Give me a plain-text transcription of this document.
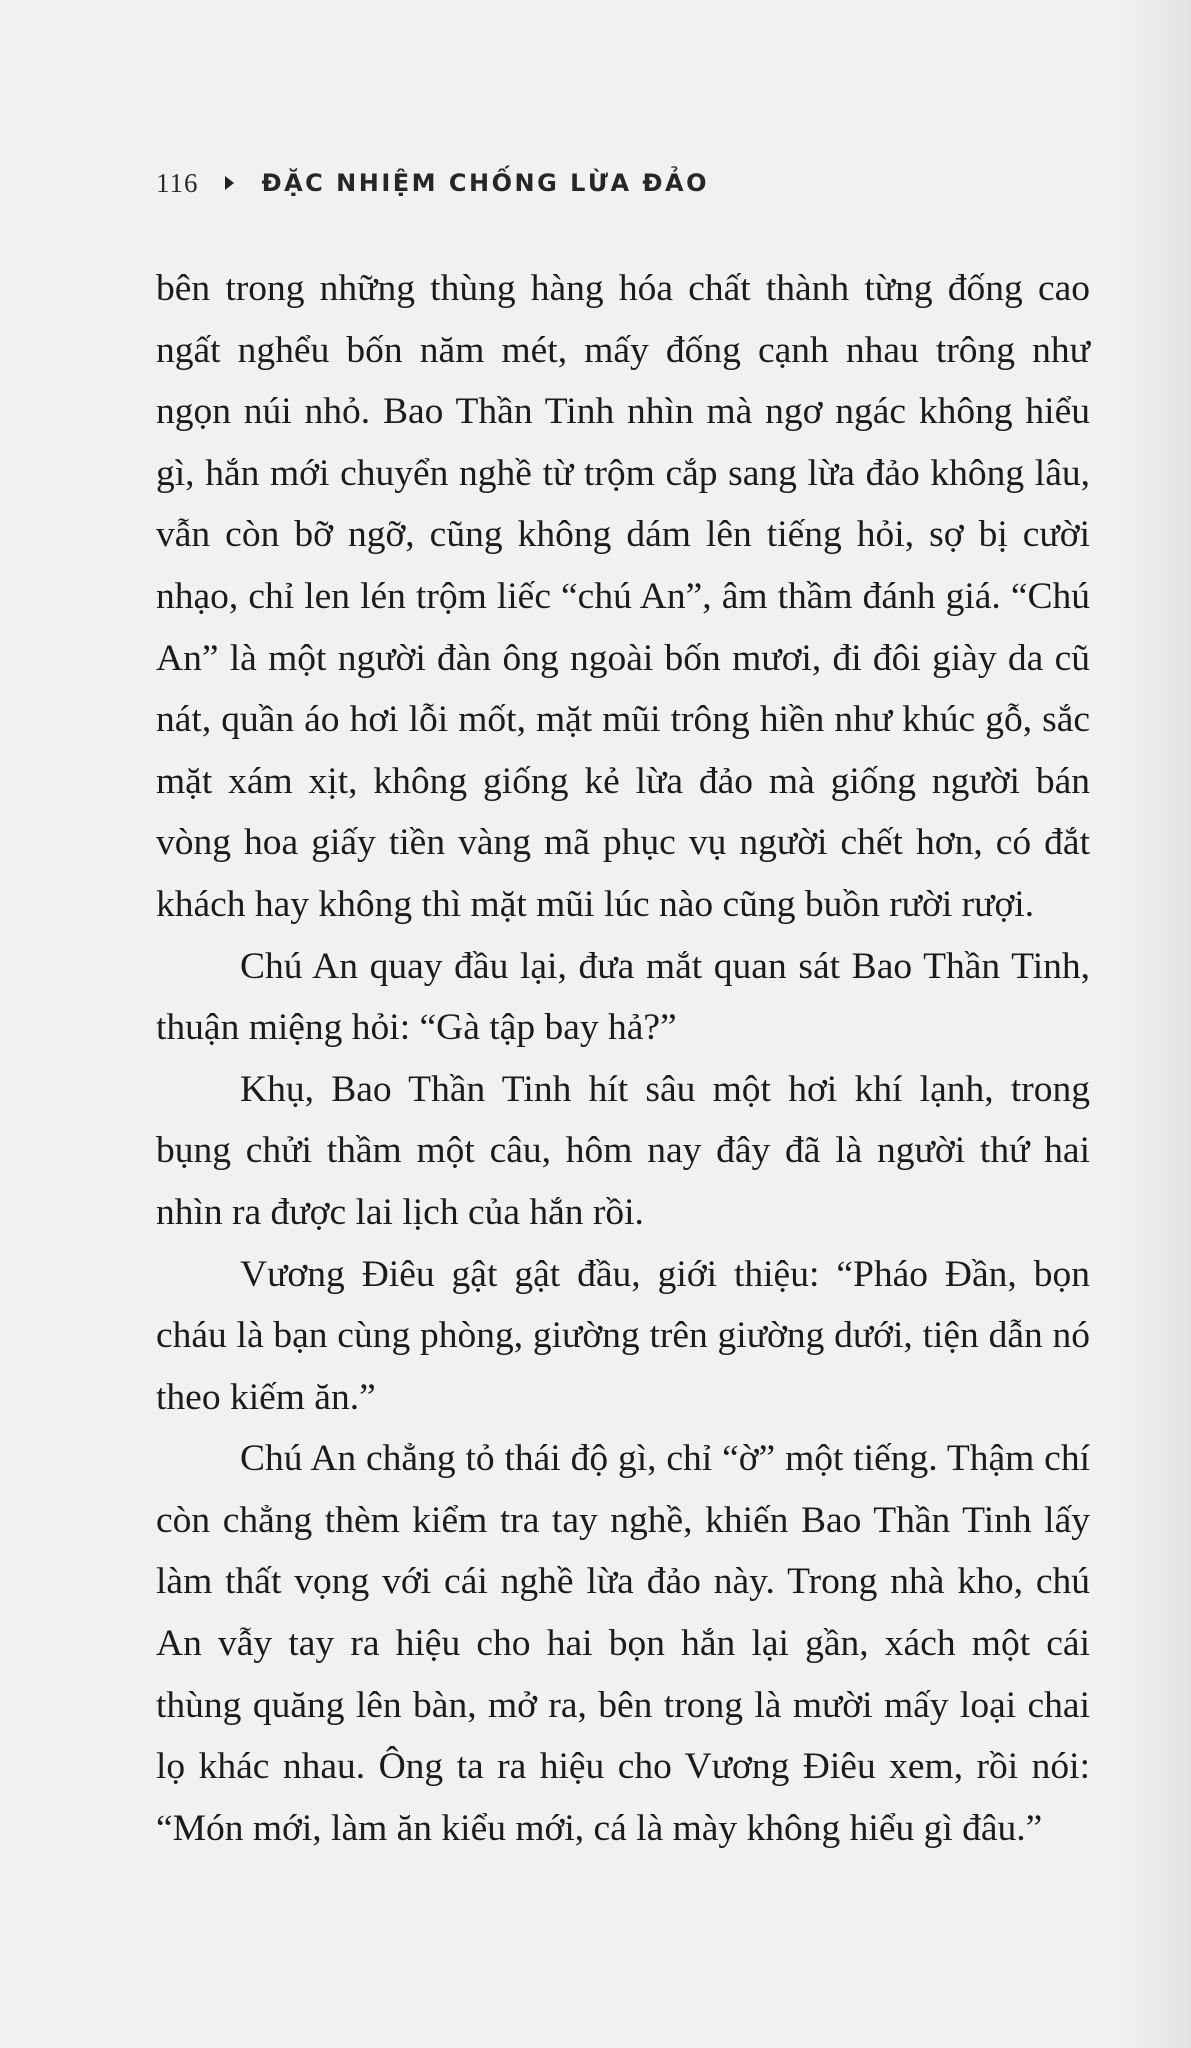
116	ĐẶC NHIỆM CHỐNG LỪA ĐẢO

bên trong những thùng hàng hóa chất thành từng đống cao ngất nghểu bốn năm mét, mấy đống cạnh nhau trông như ngọn núi nhỏ. Bao Thần Tinh nhìn mà ngơ ngác không hiểu gì, hắn mới chuyển nghề từ trộm cắp sang lừa đảo không lâu, vẫn còn bỡ ngỡ, cũng không dám lên tiếng hỏi, sợ bị cười nhạo, chỉ len lén trộm liếc “chú An”, âm thầm đánh giá. “Chú An” là một người đàn ông ngoài bốn mươi, đi đôi giày da cũ nát, quần áo hơi lỗi mốt, mặt mũi trông hiền như khúc gỗ, sắc mặt xám xịt, không giống kẻ lừa đảo mà giống người bán vòng hoa giấy tiền vàng mã phục vụ người chết hơn, có đắt khách hay không thì mặt mũi lúc nào cũng buồn rười rượi.

Chú An quay đầu lại, đưa mắt quan sát Bao Thần Tinh, thuận miệng hỏi: “Gà tập bay hả?”

Khụ, Bao Thần Tinh hít sâu một hơi khí lạnh, trong bụng chửi thầm một câu, hôm nay đây đã là người thứ hai nhìn ra được lai lịch của hắn rồi.

Vương Điêu gật gật đầu, giới thiệu: “Pháo Đần, bọn cháu là bạn cùng phòng, giường trên giường dưới, tiện dẫn nó theo kiếm ăn.”

Chú An chẳng tỏ thái độ gì, chỉ “ờ” một tiếng. Thậm chí còn chẳng thèm kiểm tra tay nghề, khiến Bao Thần Tinh lấy làm thất vọng với cái nghề lừa đảo này. Trong nhà kho, chú An vẫy tay ra hiệu cho hai bọn hắn lại gần, xách một cái thùng quăng lên bàn, mở ra, bên trong là mười mấy loại chai lọ khác nhau. Ông ta ra hiệu cho Vương Điêu xem, rồi nói: “Món mới, làm ăn kiểu mới, cá là mày không hiểu gì đâu.”
